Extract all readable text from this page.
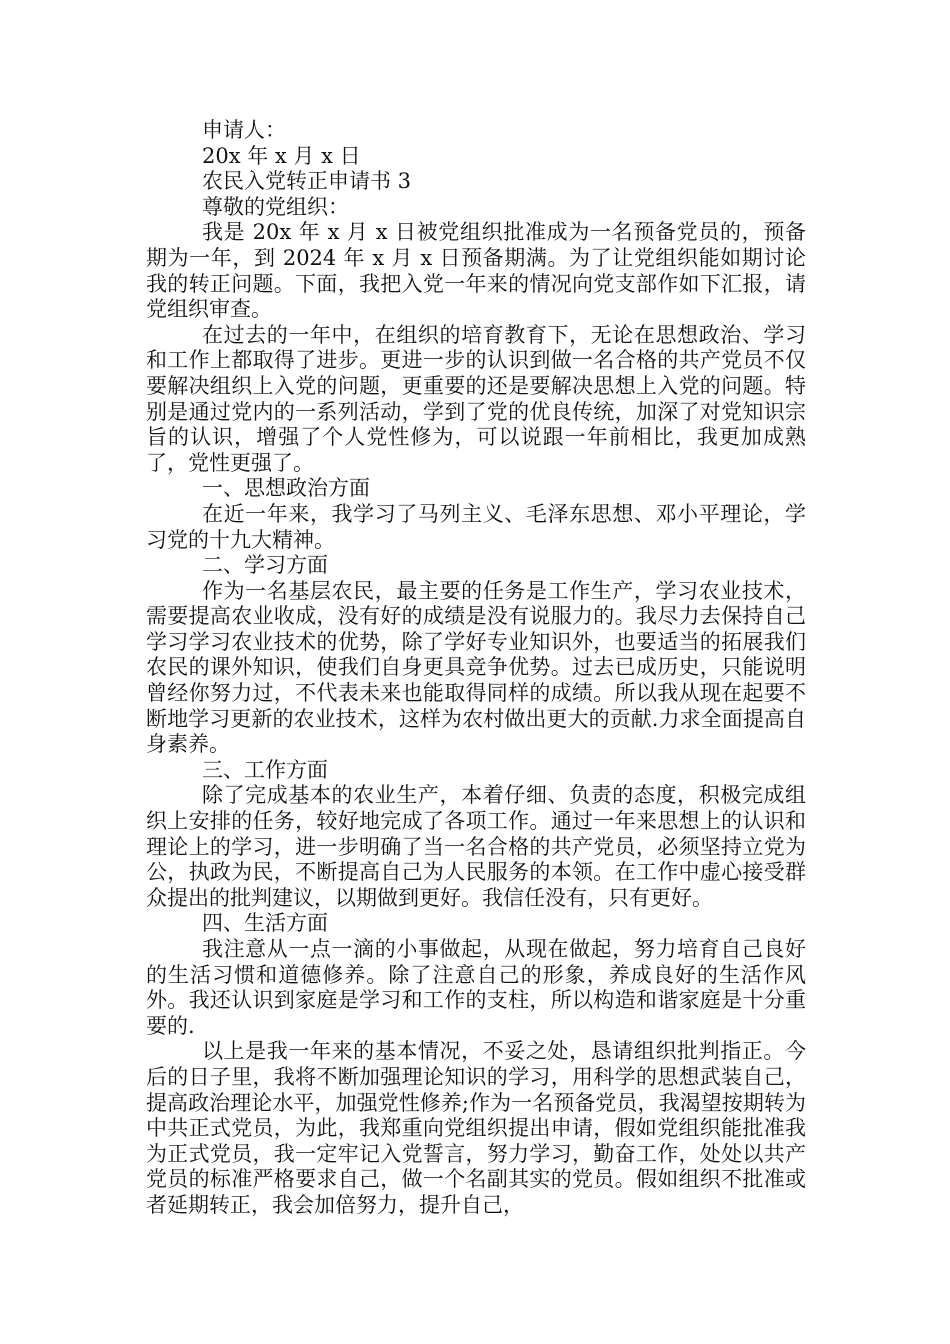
申请人：

20x 年 x 月 x 日

农民入党转正申请书 3

尊敬的党组织：

我是 20x 年 x 月 x 日被党组织批准成为一名预备党员的，预备期为一年，到 2024 年 x 月 x 日预备期满。为了让党组织能如期讨论我的转正问题。下面，我把入党一年来的情况向党支部作如下汇报，请党组织审查。

在过去的一年中，在组织的培育教育下，无论在思想政治、学习和工作上都取得了进步。更进一步的认识到做一名合格的共产党员不仅要解决组织上入党的问题，更重要的还是要解决思想上入党的问题。特别是通过党内的一系列活动，学到了党的优良传统，加深了对党知识宗旨的认识，增强了个人党性修为，可以说跟一年前相比，我更加成熟了，党性更强了。

一、思想政治方面

在近一年来，我学习了马列主义、毛泽东思想、邓小平理论，学习党的十九大精神。

二、学习方面

作为一名基层农民，最主要的任务是工作生产，学习农业技术，需要提高农业收成，没有好的成绩是没有说服力的。我尽力去保持自己学习学习农业技术的优势，除了学好专业知识外，也要适当的拓展我们农民的课外知识，使我们自身更具竞争优势。过去已成历史，只能说明曾经你努力过，不代表未来也能取得同样的成绩。所以我从现在起要不断地学习更新的农业技术，这样为农村做出更大的贡献.力求全面提高自身素养。

三、工作方面

除了完成基本的农业生产，本着仔细、负责的态度，积极完成组织上安排的任务，较好地完成了各项工作。通过一年来思想上的认识和理论上的学习，进一步明确了当一名合格的共产党员，必须坚持立党为公，执政为民，不断提高自己为人民服务的本领。在工作中虚心接受群众提出的批判建议，以期做到更好。我信任没有，只有更好。

四、生活方面

我注意从一点一滴的小事做起，从现在做起，努力培育自己良好的生活习惯和道德修养。除了注意自己的形象，养成良好的生活作风外。我还认识到家庭是学习和工作的支柱，所以构造和谐家庭是十分重要的.

以上是我一年来的基本情况，不妥之处，恳请组织批判指正。今后的日子里，我将不断加强理论知识的学习，用科学的思想武装自己，提高政治理论水平，加强党性修养;作为一名预备党员，我渴望按期转为中共正式党员，为此，我郑重向党组织提出申请，假如党组织能批准我为正式党员，我一定牢记入党誓言，努力学习，勤奋工作，处处以共产党员的标准严格要求自己，做一个名副其实的党员。假如组织不批准或者延期转正，我会加倍努力，提升自己，
